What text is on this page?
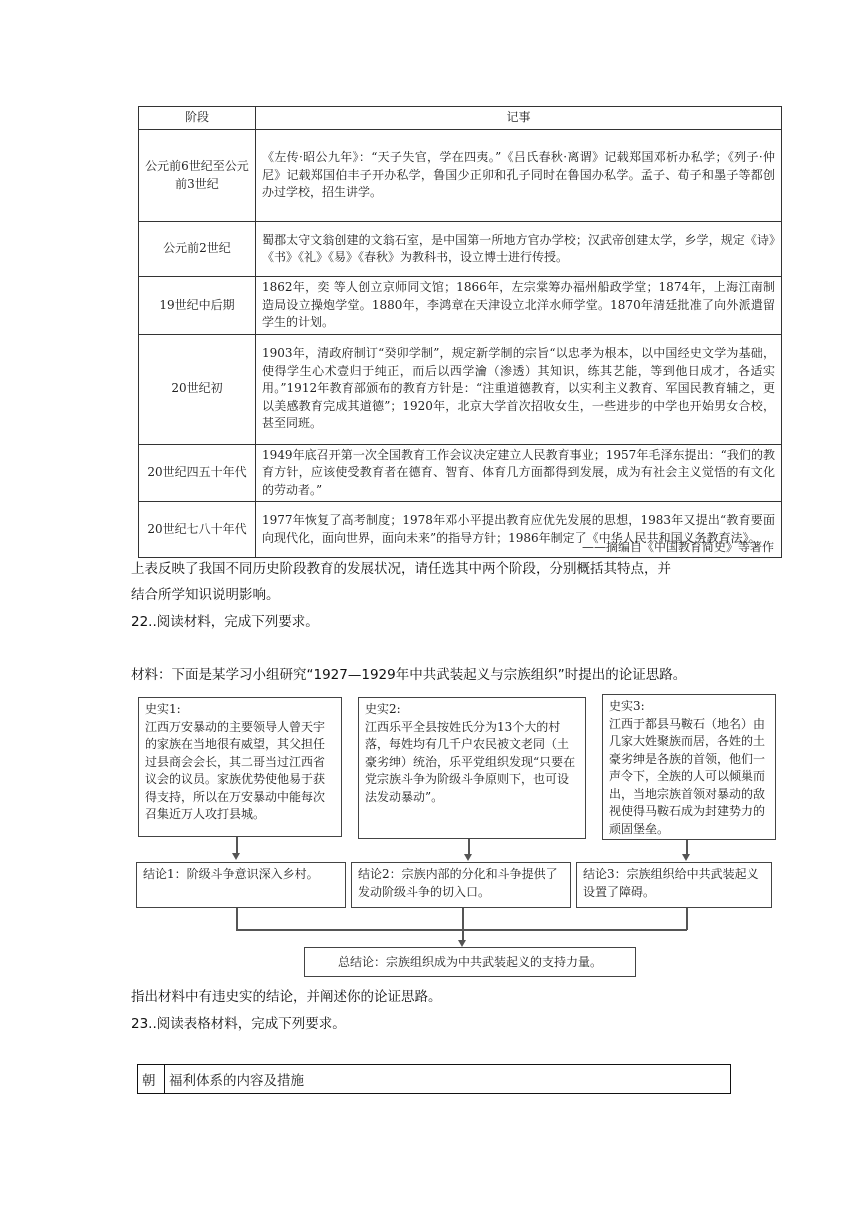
阶段	记事
公元前6世纪至公元前3世纪	《左传·昭公九年》：“天子失官，学在四夷。”《吕氏春秋·离谓》记载郑国邓析办私学；《列子·仲尼》记载郑国伯丰子开办私学，鲁国少正卯和孔子同时在鲁国办私学。孟子、荀子和墨子等都创办过学校，招生讲学。
公元前2世纪	蜀郡太守文翁创建的文翁石室，是中国第一所地方官办学校；汉武帝创建太学，乡学，规定《诗》《书》《礼》《易》《春秋》为教科书，设立博士进行传授。
19世纪中后期	1862年，奕 等人创立京师同文馆；1866年，左宗棠筹办福州船政学堂；1874年，上海江南制造局设立操炮学堂。1880年，李鸿章在天津设立北洋水师学堂。1870年清廷批准了向外派遣留学生的计划。
20世纪初	1903年，清政府制订“癸卯学制”，规定新学制的宗旨“以忠孝为根本，以中国经史文学为基础，使得学生心术壹归于纯正，而后以西学瀹（渗透）其知识，练其艺能，等到他日成才，各适实用。”1912年教育部颁布的教育方针是：“注重道德教育，以实利主义教育、军国民教育辅之，更以美感教育完成其道德”；1920年，北京大学首次招收女生，一些进步的中学也开始男女合校，甚至同班。
20世纪四五十年代	1949年底召开第一次全国教育工作会议决定建立人民教育事业；1957年毛泽东提出：“我们的教育方针，应该使受教育者在德育、智育、体育几方面都得到发展，成为有社会主义觉悟的有文化的劳动者。”
20世纪七八十年代	1977年恢复了高考制度；1978年邓小平提出教育应优先发展的思想，1983年又提出“教育要面向现代化，面向世界，面向未来”的指导方针；1986年制定了《中华人民共和国义务教育法》。
——摘编自《中国教育简史》等著作
上表反映了我国不同历史阶段教育的发展状况，请任选其中两个阶段，分别概括其特点，并
结合所学知识说明影响。
22..阅读材料，完成下列要求。
材料：下面是某学习小组研究“1927—1929年中共武装起义与宗族组织”时提出的论证思路。
史实1:
江西万安暴动的主要领导人曾天宇的家族在当地很有威望，其父担任过县商会会长，其二哥当过江西省议会的议员。家族优势使他易于获得支持，所以在万安暴动中能每次召集近万人攻打县城。
史实2:
江西乐平全县按姓氏分为13个大的村落，每姓均有几千户农民被文老同（土豪劣绅）统治，乐平党组织发现“只要在党宗族斗争为阶级斗争原则下，也可设法发动暴动”。
史实3:
江西于都县马鞍石（地名）由几家大姓聚族而居，各姓的土豪劣绅是各族的首领，他们一声令下，全族的人可以倾巢而出，当地宗族首领对暴动的敌视使得马鞍石成为封建势力的顽固堡垒。
结论1：阶级斗争意识深入乡村。	结论2：宗族内部的分化和斗争提供了发动阶级斗争的切入口。
结论3：宗族组织给中共武装起义设置了障碍。
总结论：宗族组织成为中共武装起义的支持力量。
指出材料中有违史实的结论，并阐述你的论证思路。
23..阅读表格材料，完成下列要求。
朝	福利体系的内容及措施
